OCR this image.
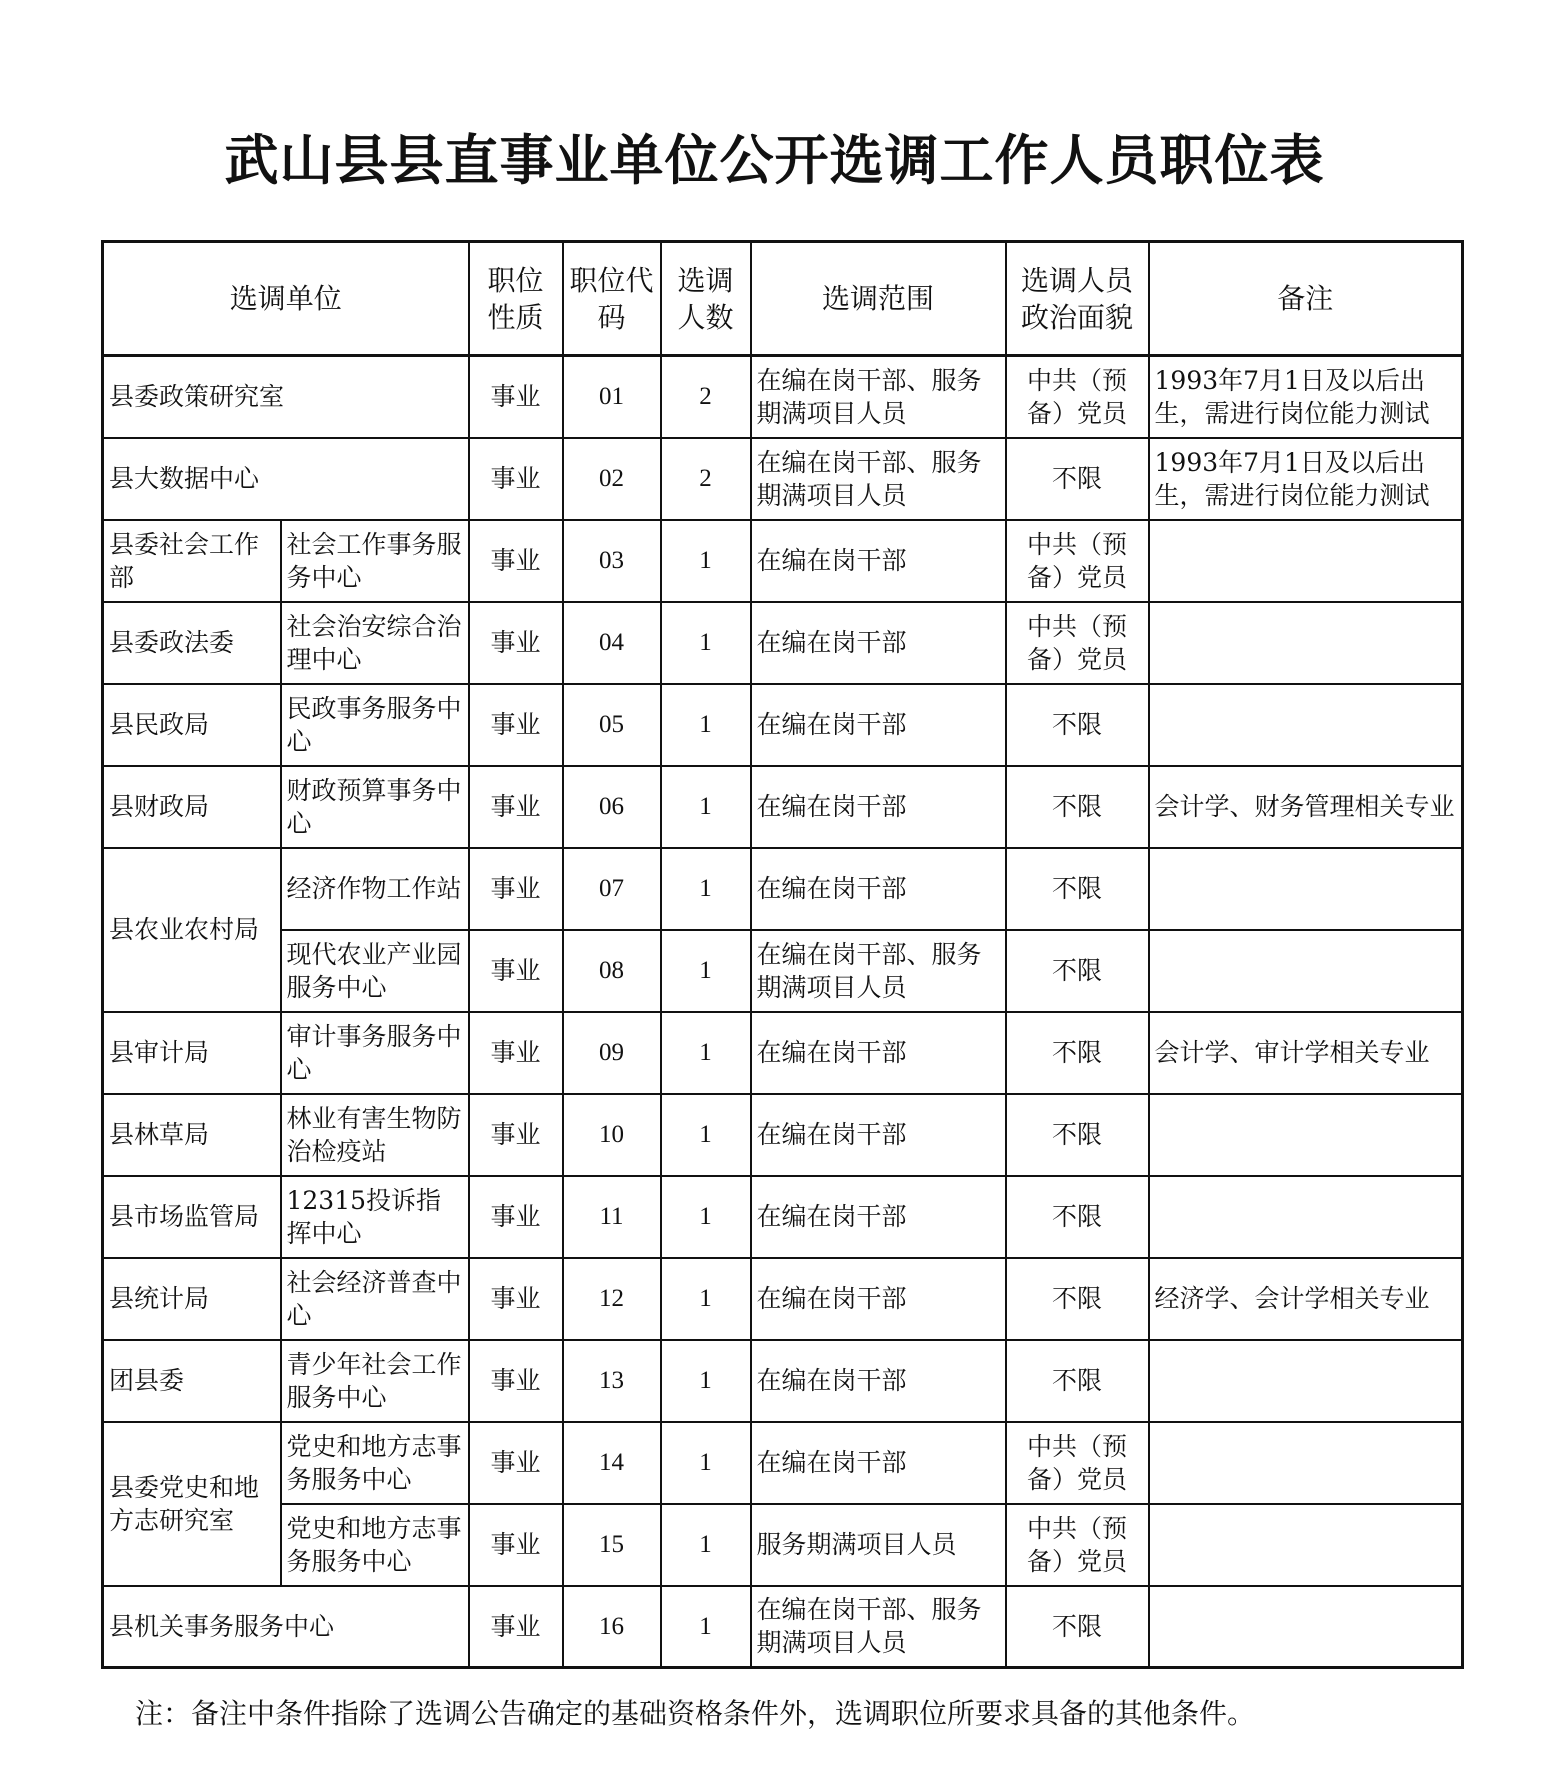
武山县县直事业单位公开选调工作人员职位表
选调单位		职位性质	职位代码	选调人数	选调范围	选调人员政治面貌	备注
县委政策研究室		事业	01	2	在编在岗干部、服务期满项目人员	中共（预备）党员	1993年7月1日及以后出生，需进行岗位能力测试
县大数据中心		事业	02	2	在编在岗干部、服务期满项目人员	不限	1993年7月1日及以后出生，需进行岗位能力测试
县委社会工作部	社会工作事务服务中心	事业	03	1	在编在岗干部	中共（预备）党员	
县委政法委	社会治安综合治理中心	事业	04	1	在编在岗干部	中共（预备）党员	
县民政局	民政事务服务中心	事业	05	1	在编在岗干部	不限	
县财政局	财政预算事务中心	事业	06	1	在编在岗干部	不限	会计学、财务管理相关专业
县农业农村局	经济作物工作站	事业	07	1	在编在岗干部	不限	
	现代农业产业园服务中心	事业	08	1	在编在岗干部、服务期满项目人员	不限	
县审计局	审计事务服务中心	事业	09	1	在编在岗干部	不限	会计学、审计学相关专业
县林草局	林业有害生物防治检疫站	事业	10	1	在编在岗干部	不限	
县市场监管局	12315投诉指挥中心	事业	11	1	在编在岗干部	不限	
县统计局	社会经济普查中心	事业	12	1	在编在岗干部	不限	经济学、会计学相关专业
团县委	青少年社会工作服务中心	事业	13	1	在编在岗干部	不限	
县委党史和地方志研究室	党史和地方志事务服务中心	事业	14	1	在编在岗干部	中共（预备）党员	
	党史和地方志事务服务中心	事业	15	1	服务期满项目人员	中共（预备）党员	
县机关事务服务中心		事业	16	1	在编在岗干部、服务期满项目人员	不限	
注：备注中条件指除了选调公告确定的基础资格条件外，选调职位所要求具备的其他条件。
